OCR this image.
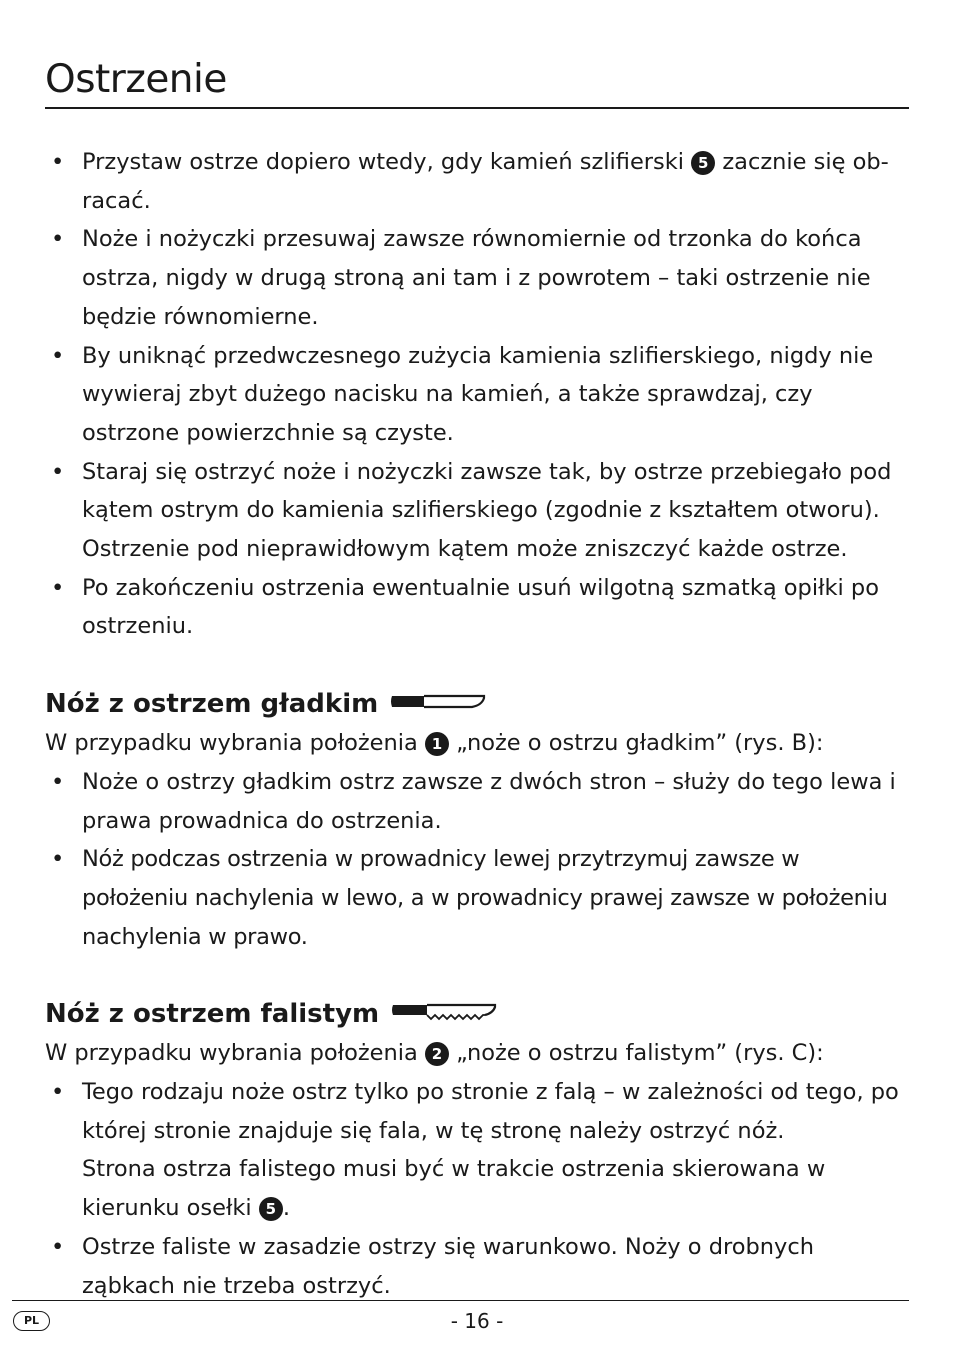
Ostrzenie
• Przystaw ostrze dopiero wtedy, gdy kamień szlifierski 5 zacznie się ob-racać.
• Noże i nożyczki przesuwaj zawsze równomiernie od trzonka do końca ostrza, nigdy w drugą stroną ani tam i z powrotem – taki ostrzenie nie będzie równomierne.
• By uniknąć przedwczesnego zużycia kamienia szlifierskiego, nigdy nie wywieraj zbyt dużego nacisku na kamień, a także sprawdzaj, czy ostrzone powierzchnie są czyste.
• Staraj się ostrzyć noże i nożyczki zawsze tak, by ostrze przebiegało pod kątem ostrym do kamienia szlifierskiego (zgodnie z kształtem otworu). Ostrzenie pod nieprawidłowym kątem może zniszczyć każde ostrze.
• Po zakończeniu ostrzenia ewentualnie usuń wilgotną szmatką opiłki po ostrzeniu.
Nóż z ostrzem gładkim

W przypadku wybrania położenia 1 „noże o ostrzu gładkim” (rys. B):

• Noże o ostrzy gładkim ostrz zawsze z dwóch stron – służy do tego lewa i prawa prowadnica do ostrzenia.
• Nóż podczas ostrzenia w prowadnicy lewej przytrzymuj zawsze w położeniu nachylenia w lewo, a w prowadnicy prawej zawsze w położeniu nachylenia w prawo.
Nóż z ostrzem falistym

W przypadku wybrania położenia 2 „noże o ostrzu falistym” (rys. C):

• Tego rodzaju noże ostrz tylko po stronie z falą – w zależności od tego, po której stronie znajduje się fala, w tę stronę należy ostrzyć nóż.
Strona ostrza falistego musi być w trakcie ostrzenia skierowana w kierunku osełki 5 .
• Ostrze faliste w zasadzie ostrzy się warunkowo. Noży o drobnych ząbkach nie trzeba ostrzyć.
PL	- 16 -
